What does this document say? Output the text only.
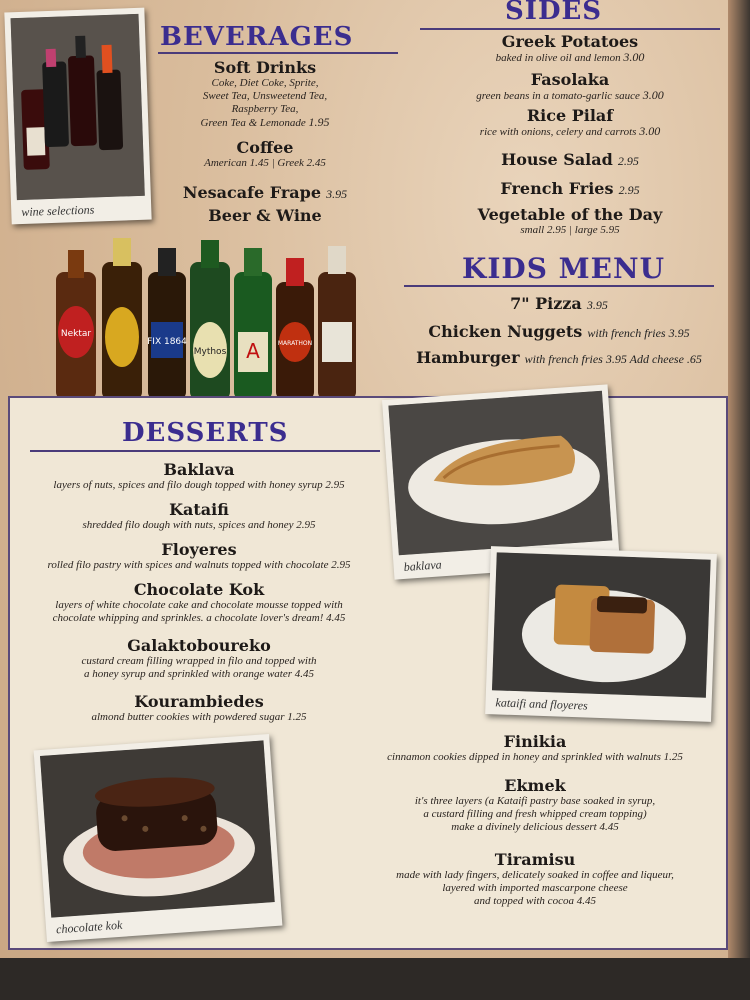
wine selections
BEVERAGES
Soft Drinks
Coke, Diet Coke, Sprite,
Sweet Tea, Unsweetend Tea,
Raspberry Tea,
Green Tea & Lemonade 1.95
Coffee
American 1.45 | Greek 2.45
Nesacafe Frape 3.95
Beer & Wine
Nektar
FIX 1864
Mythos A	MARATHON
SIDES
Greek Potatoes
baked in olive oil and lemon 3.00
Fasolaka
green beans in a tomato-garlic sauce 3.00
Rice Pilaf
rice with onions, celery and carrots 3.00
House Salad 2.95
French Fries 2.95
Vegetable of the Day
small 2.95 | large 5.95
KIDS MENU
7" Pizza 3.95
Chicken Nuggets with french fries 3.95
Hamburger with french fries 3.95 Add cheese .65
DESSERTS
Baklava
layers of nuts, spices and filo dough topped with honey syrup 2.95
Kataifi
shredded filo dough with nuts, spices and honey 2.95
Floyeres
rolled filo pastry with spices and walnuts topped with chocolate 2.95
Chocolate Kok
layers of white chocolate cake and chocolate mousse topped with
chocolate whipping and sprinkles. a chocolate lover's dream! 4.45
Galaktoboureko
custard cream filling wrapped in filo and topped with
a honey syrup and sprinkled with orange water 4.45
Kourambiedes
almond butter cookies with powdered sugar 1.25
Finikia
cinnamon cookies dipped in honey and sprinkled with walnuts 1.25
Ekmek
it's three layers (a Kataifi pastry base soaked in syrup,
a custard filling and fresh whipped cream topping)
make a divinely delicious dessert 4.45
Tiramisu
made with lady fingers, delicately soaked in coffee and liqueur,
layered with imported mascarpone cheese
and topped with cocoa 4.45
baklava
kataifi and floyeres
chocolate kok
